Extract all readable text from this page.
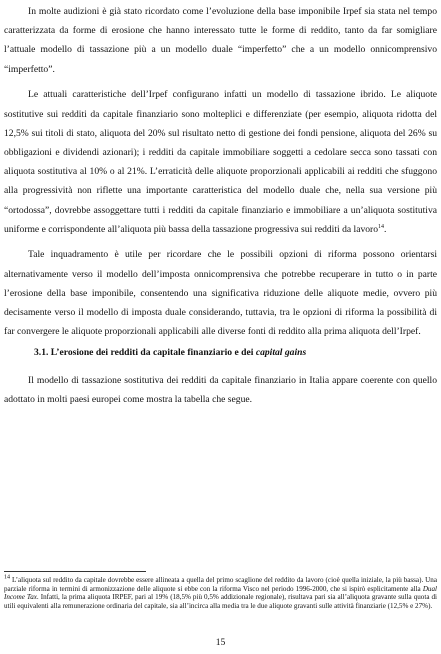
In molte audizioni è già stato ricordato come l’evoluzione della base imponibile Irpef sia stata nel tempo caratterizzata da forme di erosione che hanno interessato tutte le forme di reddito, tanto da far somigliare l’attuale modello di tassazione più a un modello duale “imperfetto” che a un modello onnicomprensivo “imperfetto”.

Le attuali caratteristiche dell’Irpef configurano infatti un modello di tassazione ibrido. Le aliquote sostitutive sui redditi da capitale finanziario sono molteplici e differenziate (per esempio, aliquota ridotta del 12,5% sui titoli di stato, aliquota del 20% sul risultato netto di gestione dei fondi pensione, aliquota del 26% su obbligazioni e dividendi azionari); i redditi da capitale immobiliare soggetti a cedolare secca sono tassati con aliquota sostitutiva al 10% o al 21%. L’erraticità delle aliquote proporzionali applicabili ai redditi che sfuggono alla progressività non riflette una importante caratteristica del modello duale che, nella sua versione più “ortodossa”, dovrebbe assoggettare tutti i redditi da capitale finanziario e immobiliare a un’aliquota sostitutiva uniforme e corrispondente all’aliquota più bassa della tassazione progressiva sui redditi da lavoro$^{14}$.

Tale inquadramento è utile per ricordare che le possibili opzioni di riforma possono orientarsi alternativamente verso il modello dell’imposta onnicomprensiva che potrebbe recuperare in tutto o in parte l’erosione della base imponibile, consentendo una significativa riduzione delle aliquote medie, ovvero più decisamente verso il modello di imposta duale considerando, tuttavia, tra le opzioni di riforma la possibilità di far convergere le aliquote proporzionali applicabili alle diverse fonti di reddito alla prima aliquota dell’Irpef.

3.1. L’erosione dei redditi da capitale finanziario e dei capital gains

Il modello di tassazione sostitutiva dei redditi da capitale finanziario in Italia appare coerente con quello adottato in molti paesi europei come mostra la tabella che segue.

$^{14}$ L’aliquota sul reddito da capitale dovrebbe essere allineata a quella del primo scaglione del reddito da lavoro (cioè quella iniziale, la più bassa). Una parziale riforma in termini di armonizzazione delle aliquote si ebbe con la riforma Visco nel periodo 1996-2000, che si ispirò esplicitamente alla Dual Income Tax. Infatti, la prima aliquota IRPEF, pari al 19% (18,5% più 0,5% addizionale regionale), risultava pari sia all’aliquota gravante sulla quota di utili equivalenti alla remunerazione ordinaria del capitale, sia all’incirca alla media tra le due aliquote gravanti sulle attività finanziarie (12,5% e 27%).
15
